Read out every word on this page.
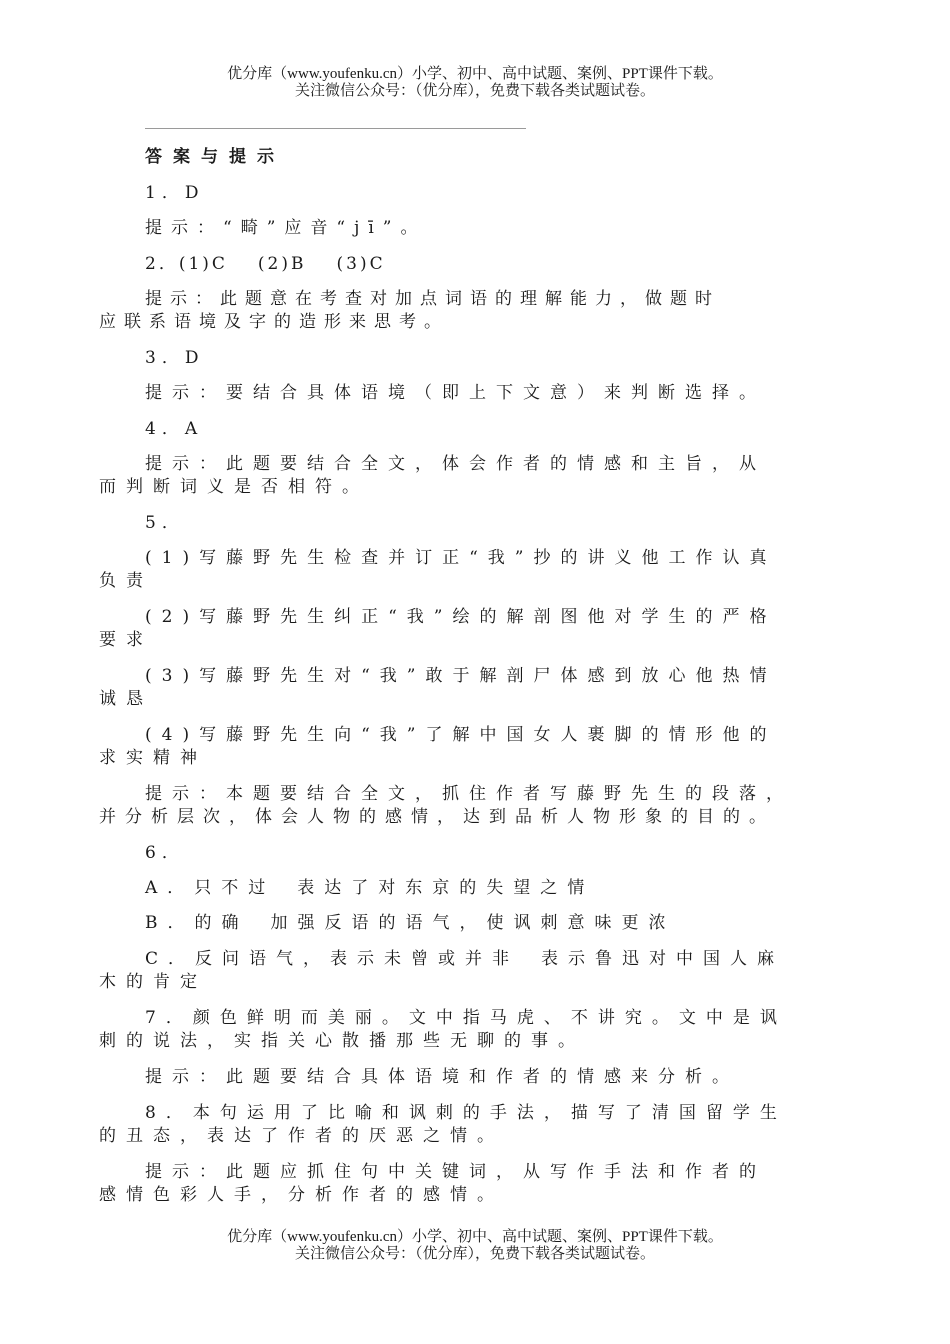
优分库（www.youfenku.cn）小学、初中、高中试题、案例、PPT课件下载。
关注微信公众号：（优分库），免费下载各类试题试卷。
答案与提示
1．D
提示：“畸”应音“jī”。
2．(1)C (2)B (3)C
提示：此题意在考查对加点词语的理解能力，做题时
应联系语境及字的造形来思考。
3．D
提示：要结合具体语境（即上下文意）来判断选择。
4．A
提示：此题要结合全文，体会作者的情感和主旨，从
而判断词义是否相符。
5．
(1)写藤野先生检查并订正“我”抄的讲义他工作认真
负责
(2)写藤野先生纠正“我”绘的解剖图他对学生的严格
要求
(3)写藤野先生对“我”敢于解剖尸体感到放心他热情
诚恳
(4)写藤野先生向“我”了解中国女人裹脚的情形他的
求实精神
提示：本题要结合全文，抓住作者写藤野先生的段落，
并分析层次，体会人物的感情，达到品析人物形象的目的。
6．
A．只不过 表达了对东京的失望之情
B．的确 加强反语的语气，使讽刺意味更浓
C．反问语气，表示未曾或并非 表示鲁迅对中国人麻
木的肯定
7．颜色鲜明而美丽。文中指马虎、不讲究。文中是讽
刺的说法，实指关心散播那些无聊的事。
提示：此题要结合具体语境和作者的情感来分析。
8．本句运用了比喻和讽刺的手法，描写了清国留学生
的丑态，表达了作者的厌恶之情。
提示：此题应抓住句中关键词，从写作手法和作者的
感情色彩人手，分析作者的感情。
优分库（www.youfenku.cn）小学、初中、高中试题、案例、PPT课件下载。
关注微信公众号：（优分库），免费下载各类试题试卷。
